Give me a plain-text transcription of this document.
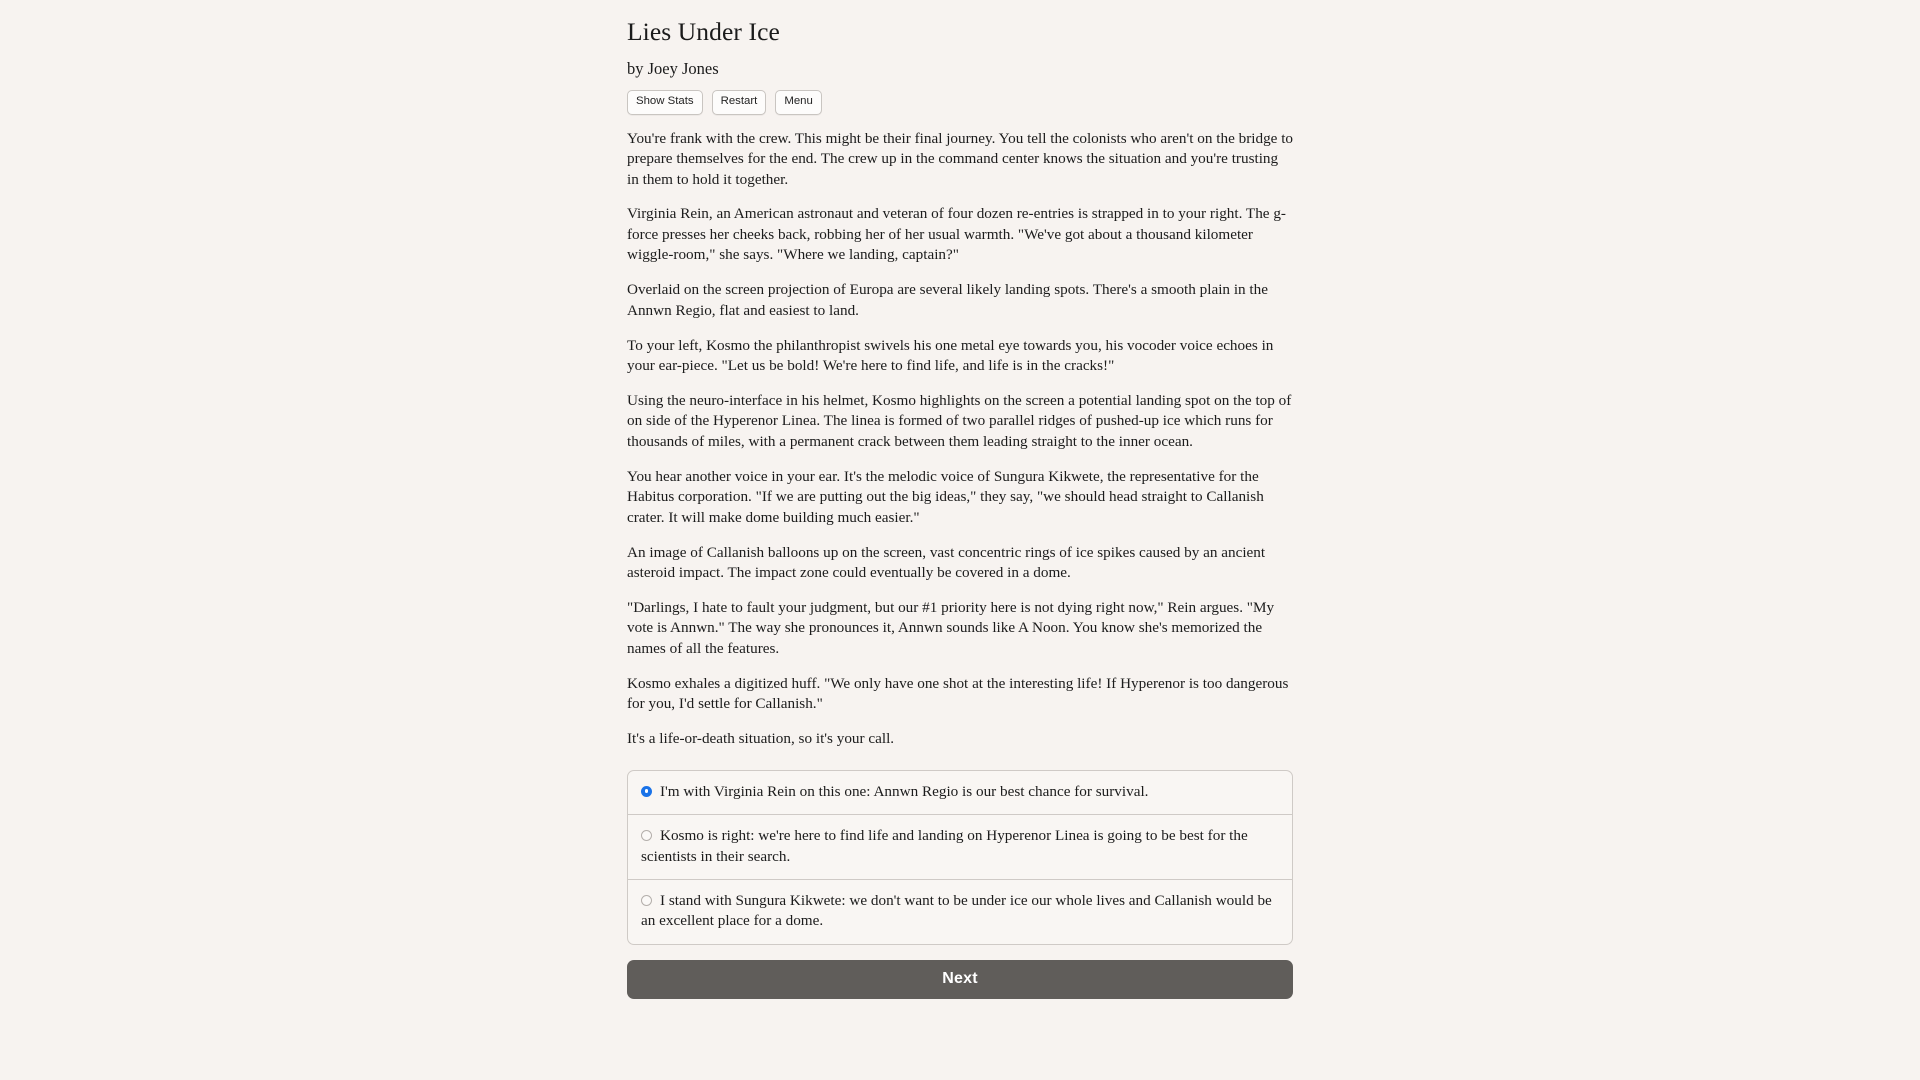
Lies Under Ice
by Joey Jones
Show Stats	Restart	Menu

You're frank with the crew. This might be their final journey. You tell the colonists who aren't on the bridge to prepare themselves for the end. The crew up in the command center knows the situation and you're trusting in them to hold it together.

Virginia Rein, an American astronaut and veteran of four dozen re-entries is strapped in to your right. The g-force presses her cheeks back, robbing her of her usual warmth. "We've got about a thousand kilometer wiggle-room," she says. "Where we landing, captain?"

Overlaid on the screen projection of Europa are several likely landing spots. There's a smooth plain in the Annwn Regio, flat and easiest to land.

To your left, Kosmo the philanthropist swivels his one metal eye towards you, his vocoder voice echoes in your ear-piece. "Let us be bold! We're here to find life, and life is in the cracks!"

Using the neuro-interface in his helmet, Kosmo highlights on the screen a potential landing spot on the top of on side of the Hyperenor Linea. The linea is formed of two parallel ridges of pushed-up ice which runs for thousands of miles, with a permanent crack between them leading straight to the inner ocean.

You hear another voice in your ear. It's the melodic voice of Sungura Kikwete, the representative for the Habitus corporation. "If we are putting out the big ideas," they say, "we should head straight to Callanish crater. It will make dome building much easier."

An image of Callanish balloons up on the screen, vast concentric rings of ice spikes caused by an ancient asteroid impact. The impact zone could eventually be covered in a dome.

"Darlings, I hate to fault your judgment, but our #1 priority here is not dying right now," Rein argues. "My vote is Annwn." The way she pronounces it, Annwn sounds like A Noon. You know she's memorized the names of all the features.

Kosmo exhales a digitized huff. "We only have one shot at the interesting life! If Hyperenor is too dangerous for you, I'd settle for Callanish."

It's a life-or-death situation, so it's your call.

I'm with Virginia Rein on this one: Annwn Regio is our best chance for survival.
Kosmo is right: we're here to find life and landing on Hyperenor Linea is going to be best for the scientists in their search.
I stand with Sungura Kikwete: we don't want to be under ice our whole lives and Callanish would be an excellent place for a dome.
Next
